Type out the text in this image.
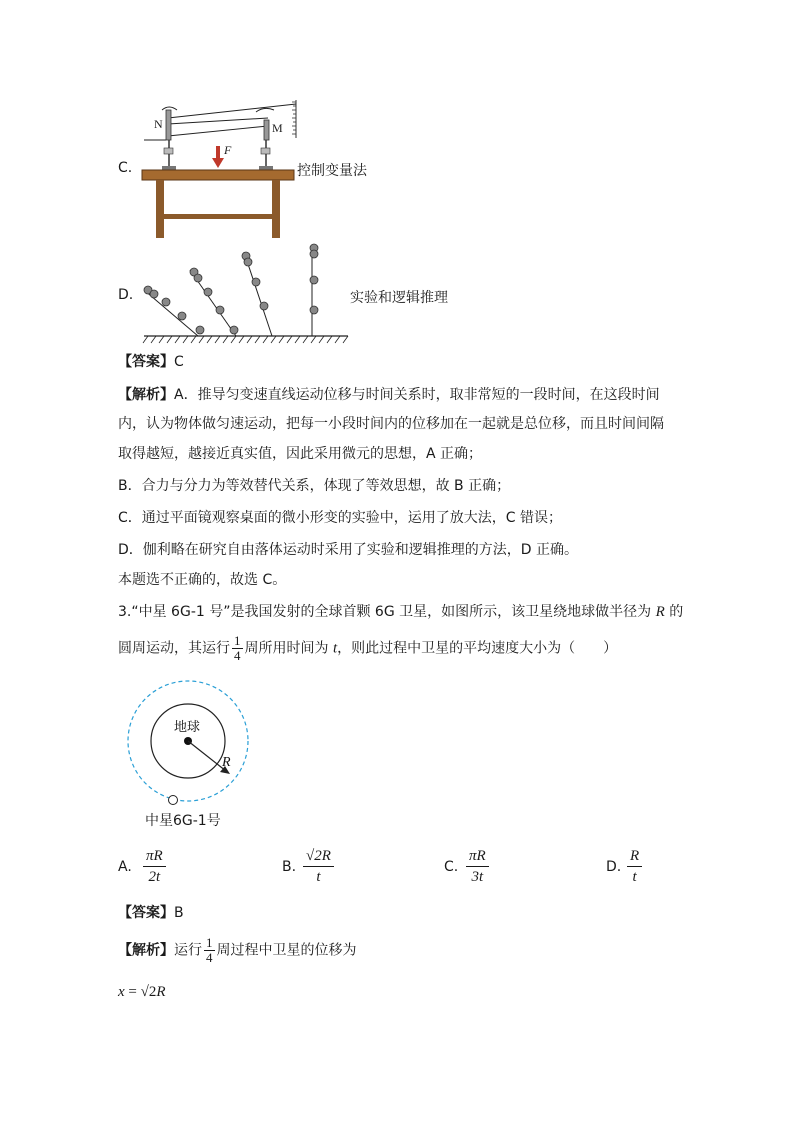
C.
N	M
F
控制变量法
D.	实验和逻辑推理
【答案】C
【解析】A．推导匀变速直线运动位移与时间关系时，取非常短的一段时间，在这段时间
内，认为物体做匀速运动，把每一小段时间内的位移加在一起就是总位移，而且时间间隔
取得越短，越接近真实值，因此采用微元的思想，A 正确；
B．合力与分力为等效替代关系，体现了等效思想，故 B 正确；
C．通过平面镜观察桌面的微小形变的实验中，运用了放大法，C 错误；
D．伽利略在研究自由落体运动时采用了实验和逻辑推理的方法，D 正确。
本题选不正确的，故选 C。
3.“中星 6G-1 号”是我国发射的全球首颗 6G 卫星，如图所示，该卫星绕地球做半径为 R 的
圆周运动，其运行 $\frac{1}{4}$ 周所用时间为 t，则此过程中卫星的平均速度大小为（　　）
地球
R
中星6G-1号
A. $\frac{\pi R}{2t}$	B. $\frac{√2R}{t}$	C. $\frac{\pi R}{3t}$	D. $\frac{R}{t}$
【答案】B
【解析】运行 $\frac{1}{4}$ 周过程中卫星的位移为
x = √2R
